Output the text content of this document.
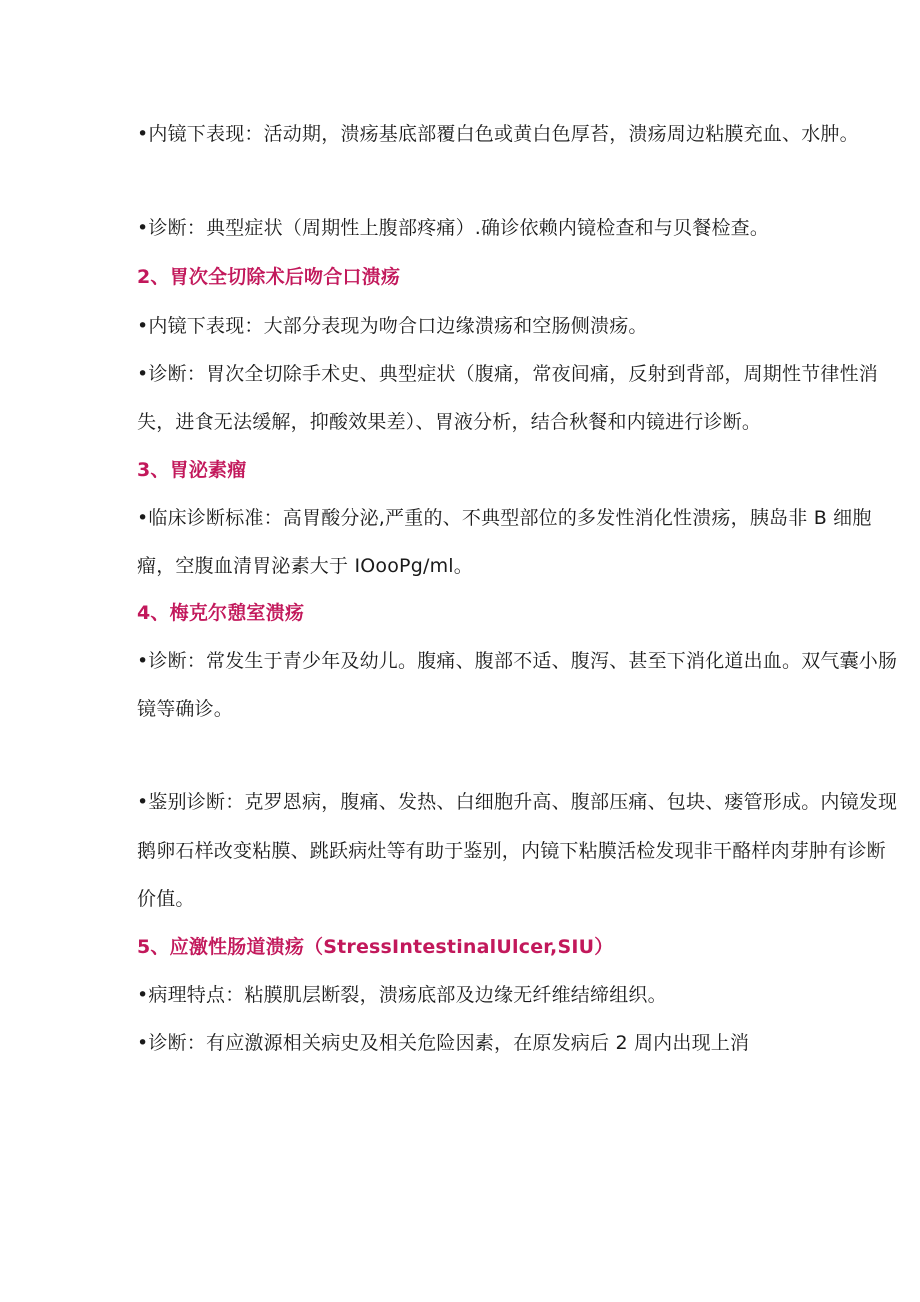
•内镜下表现：活动期，溃疡基底部覆白色或黄白色厚苔，溃疡周边粘膜充血、水肿。
•诊断：典型症状（周期性上腹部疼痛）.确诊依赖内镜检查和与贝餐检查。
2、胃次全切除术后吻合口溃疡
•内镜下表现：大部分表现为吻合口边缘溃疡和空肠侧溃疡。
•诊断：胃次全切除手术史、典型症状（腹痛，常夜间痛，反射到背部，周期性节律性消
失，进食无法缓解，抑酸效果差）、胃液分析，结合秋餐和内镜进行诊断。
3、胃泌素瘤
•临床诊断标准：高胃酸分泌,严重的、不典型部位的多发性消化性溃疡，胰岛非 B 细胞
瘤，空腹血清胃泌素大于 IOooPg/ml。
4、梅克尔憩室溃疡
•诊断：常发生于青少年及幼儿。腹痛、腹部不适、腹泻、甚至下消化道出血。双气囊小肠
镜等确诊。
•鉴别诊断：克罗恩病，腹痛、发热、白细胞升高、腹部压痛、包块、瘘管形成。内镜发现
鹅卵石样改变粘膜、跳跃病灶等有助于鉴别，内镜下粘膜活检发现非干酪样肉芽肿有诊断
价值。
5、应激性肠道溃疡（StressIntestinalUlcer,SIU）
•病理特点：粘膜肌层断裂，溃疡底部及边缘无纤维结缔组织。
•诊断：有应激源相关病史及相关危险因素，在原发病后 2 周内出现上消
